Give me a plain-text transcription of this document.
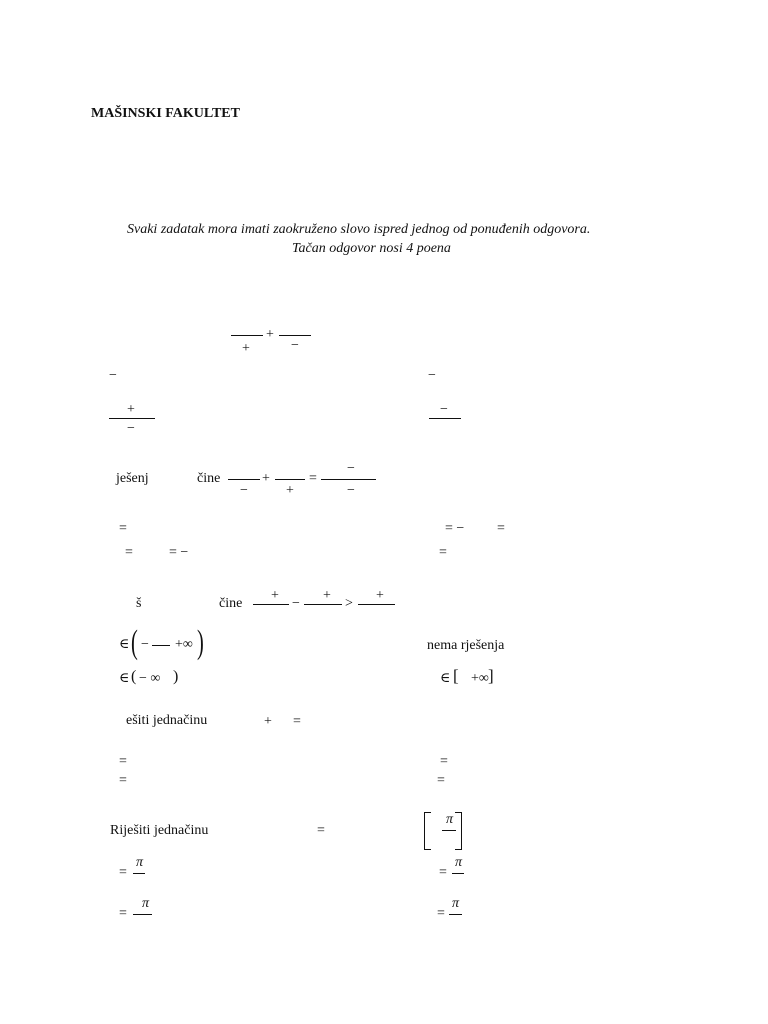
MAŠINSKI FAKULTET
Svaki zadatak mora imati zaokruženo slovo ispred jednog od ponuđenih odgovora.
Tačan odgovor nosi 4 poena
+
+	−
−	−
+
−
−
ješenj	čine
−
+
+
=
−
−
=	= − =
=	= −	=
š	čine
+
−
+
>
+
∈ ( − +∞ )	nema rješenja
∈ ( − ∞ )	∈ [ +∞ ]
ešiti jednačinu	+ =
=	=
=	=
Riješiti jednačinu	=
π
=
π
=
π
=
π
=
π
